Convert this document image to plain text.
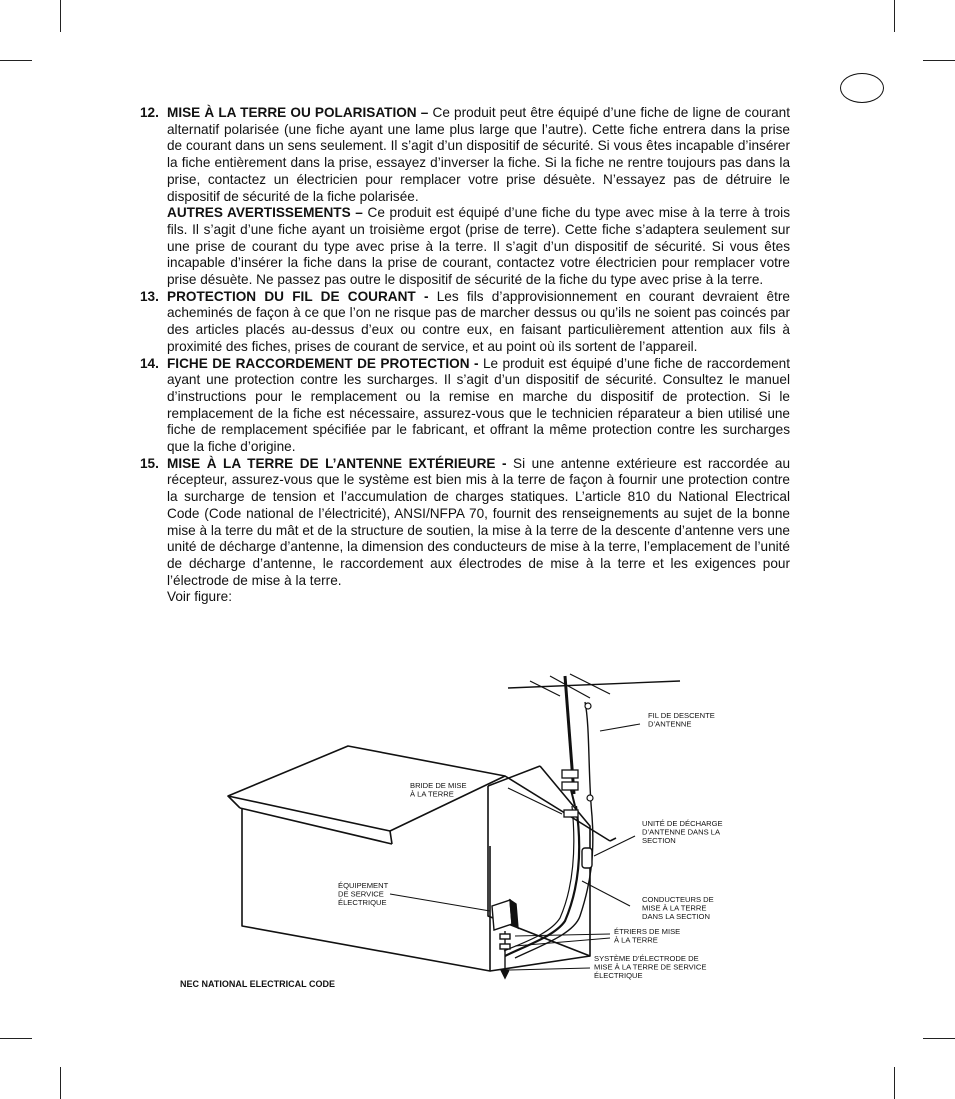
12. MISE À LA TERRE OU POLARISATION – Ce produit peut être équipé d’une fiche de ligne de courant alternatif polarisée (une fiche ayant une lame plus large que l’autre). Cette fiche entrera dans la prise de courant dans un sens seulement. Il s’agit d’un dispositif de sécurité. Si vous êtes incapable d’insérer la fiche entièrement dans la prise, essayez d’inverser la fiche. Si la fiche ne rentre toujours pas dans la prise, contactez un électricien pour remplacer votre prise désuète. N’essayez pas de détruire le dispositif de sécurité de la fiche polarisée.

AUTRES AVERTISSEMENTS – Ce produit est équipé d’une fiche du type avec mise à la terre à trois fils. Il s’agit d’une fiche ayant un troisième ergot (prise de terre). Cette fiche s’adaptera seulement sur une prise de courant du type avec prise à la terre. Il s’agit d’un dispositif de sécurité. Si vous êtes incapable d’insérer la fiche dans la prise de courant, contactez votre électricien pour remplacer votre prise désuète. Ne passez pas outre le dispositif de sécurité de la fiche du type avec prise à la terre.

13. PROTECTION DU FIL DE COURANT - Les fils d’approvisionnement en courant devraient être acheminés de façon à ce que l’on ne risque pas de marcher dessus ou qu’ils ne soient pas coincés par des articles placés au-dessus d’eux ou contre eux, en faisant particulièrement attention aux fils à proximité des fiches, prises de courant de service, et au point où ils sortent de l’appareil.

14. FICHE DE RACCORDEMENT DE PROTECTION - Le produit est équipé d’une fiche de raccordement ayant une protection contre les surcharges. Il s’agit d’un dispositif de sécurité. Consultez le manuel d’instructions pour le remplacement ou la remise en marche du dispositif de protection. Si le remplacement de la fiche est nécessaire, assurez-vous que le technicien réparateur a bien utilisé une fiche de remplacement spécifiée par le fabricant, et offrant la même protection contre les surcharges que la fiche d’origine.

15. MISE À LA TERRE DE L’ANTENNE EXTÉRIEURE - Si une antenne extérieure est raccordée au récepteur, assurez-vous que le système est bien mis à la terre de façon à fournir une protection contre la surcharge de tension et l’accumulation de charges statiques. L’article 810 du National Electrical Code (Code national de l’électricité), ANSI/NFPA 70, fournit des renseignements au sujet de la bonne mise à la terre du mât et de la structure de soutien, la mise à la terre de la descente d’antenne vers une unité de décharge d’antenne, la dimension des conducteurs de mise à la terre, l’emplacement de l’unité de décharge d’antenne, le raccordement aux électrodes de mise à la terre et les exigences pour l’électrode de mise à la terre.

Voir figure:

FIL DE DESCENTE D’ANTENNE
BRIDE DE MISE À LA TERRE
UNITÉ DE DÉCHARGE D’ANTENNE DANS LA SECTION
ÉQUIPEMENT DE SERVICE ÉLECTRIQUE	CONDUCTEURS DE MISE À LA TERRE DANS LA SECTION
ÉTRIERS DE MISE À LA TERRE
SYSTÈME D’ÉLECTRODE DE MISE À LA TERRE DE SERVICE ÉLECTRIQUE
NEC NATIONAL ELECTRICAL CODE
